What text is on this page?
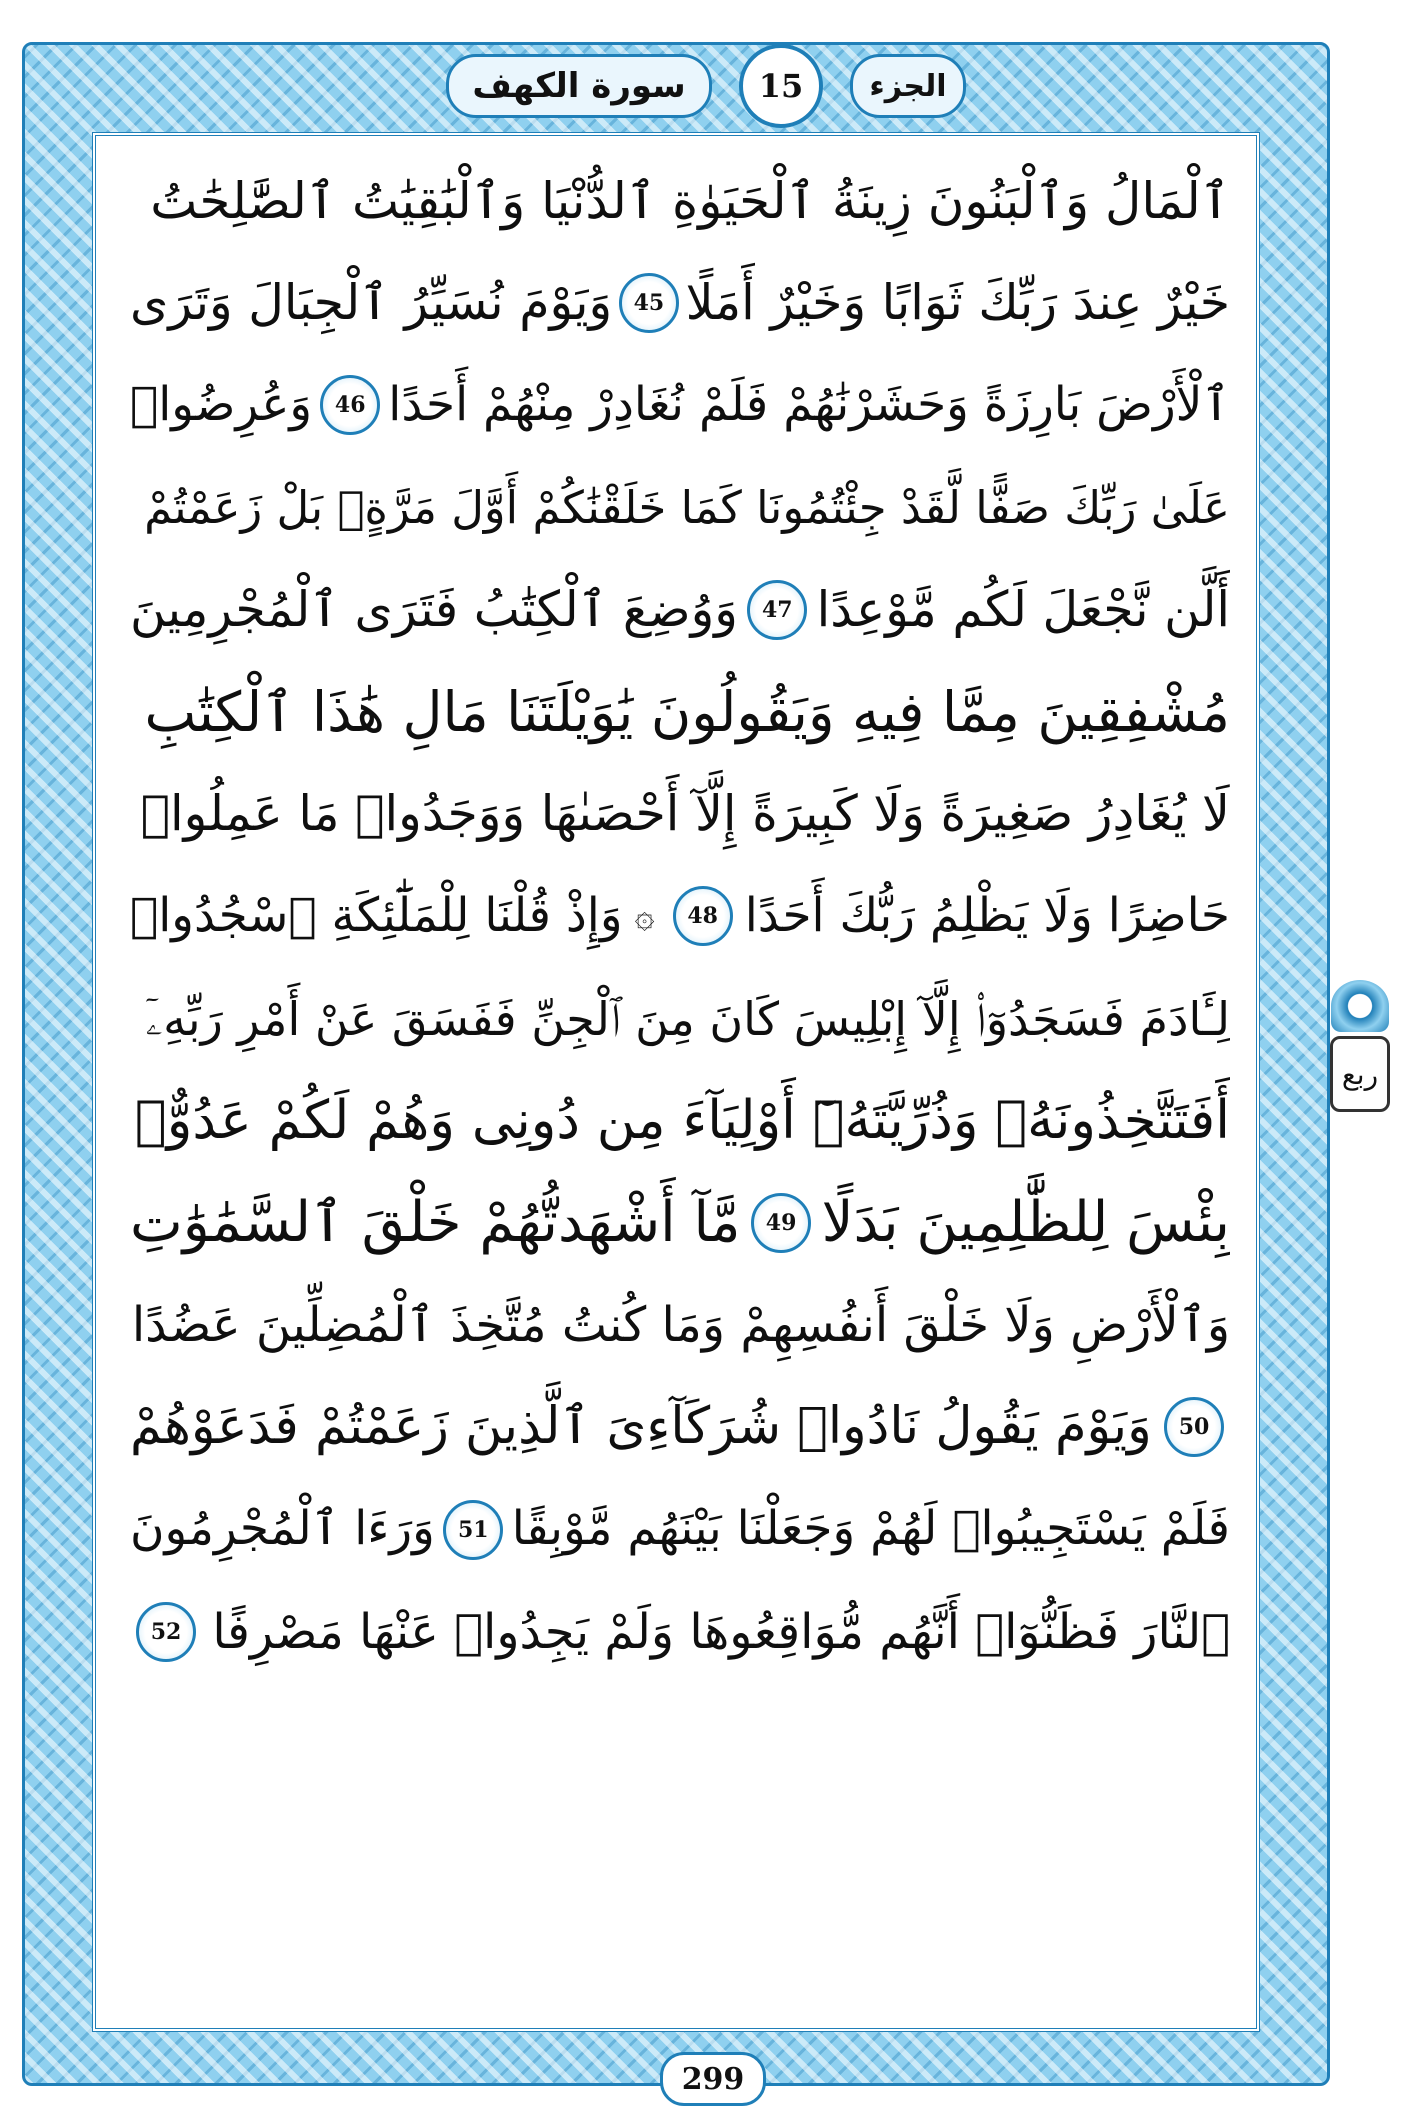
سورة الكهف	15	الجزء
ٱلْمَالُ وَٱلْبَنُونَ زِينَةُ ٱلْحَيَوٰةِ ٱلدُّنْيَا وَٱلْبَٰقِيَٰتُ ٱلصَّٰلِحَٰتُ
خَيْرٌ عِندَ رَبِّكَ ثَوَابًا وَخَيْرٌ أَمَلًا
45
وَيَوْمَ نُسَيِّرُ ٱلْجِبَالَ وَتَرَى
ٱلْأَرْضَ بَارِزَةً وَحَشَرْنَٰهُمْ فَلَمْ نُغَادِرْ مِنْهُمْ أَحَدًا
46
وَعُرِضُوا۟
عَلَىٰ رَبِّكَ صَفًّا لَّقَدْ جِئْتُمُونَا كَمَا خَلَقْنَٰكُمْ أَوَّلَ مَرَّةٍۭ بَلْ زَعَمْتُمْ
أَلَّن نَّجْعَلَ لَكُم مَّوْعِدًا
47
وَوُضِعَ ٱلْكِتَٰبُ فَتَرَى ٱلْمُجْرِمِينَ
مُشْفِقِينَ مِمَّا فِيهِ وَيَقُولُونَ يَٰوَيْلَتَنَا مَالِ هَٰذَا ٱلْكِتَٰبِ
لَا يُغَادِرُ صَغِيرَةً وَلَا كَبِيرَةً إِلَّآ أَحْصَىٰهَا وَوَجَدُوا۟ مَا عَمِلُوا۟
حَاضِرًا وَلَا يَظْلِمُ رَبُّكَ أَحَدًا
48
۞
وَإِذْ قُلْنَا لِلْمَلَٰٓئِكَةِ ٱسْجُدُوا۟
لِـَٔادَمَ فَسَجَدُوٓا۟ إِلَّآ إِبْلِيسَ كَانَ مِنَ ٱلْجِنِّ فَفَسَقَ عَنْ أَمْرِ رَبِّهِۦٓ
أَفَتَتَّخِذُونَهُۥ وَذُرِّيَّتَهُۥٓ أَوْلِيَآءَ مِن دُونِى وَهُمْ لَكُمْ عَدُوٌّۢ
بِئْسَ لِلظَّٰلِمِينَ بَدَلًا
49
مَّآ أَشْهَدتُّهُمْ خَلْقَ ٱلسَّمَٰوَٰتِ
وَٱلْأَرْضِ وَلَا خَلْقَ أَنفُسِهِمْ وَمَا كُنتُ مُتَّخِذَ ٱلْمُضِلِّينَ عَضُدًا
50
وَيَوْمَ يَقُولُ نَادُوا۟ شُرَكَآءِىَ ٱلَّذِينَ زَعَمْتُمْ فَدَعَوْهُمْ
فَلَمْ يَسْتَجِيبُوا۟ لَهُمْ وَجَعَلْنَا بَيْنَهُم مَّوْبِقًا
51
وَرَءَا ٱلْمُجْرِمُونَ
ٱلنَّارَ فَظَنُّوٓا۟ أَنَّهُم مُّوَاقِعُوهَا وَلَمْ يَجِدُوا۟ عَنْهَا مَصْرِفًا
52
ربع
299
